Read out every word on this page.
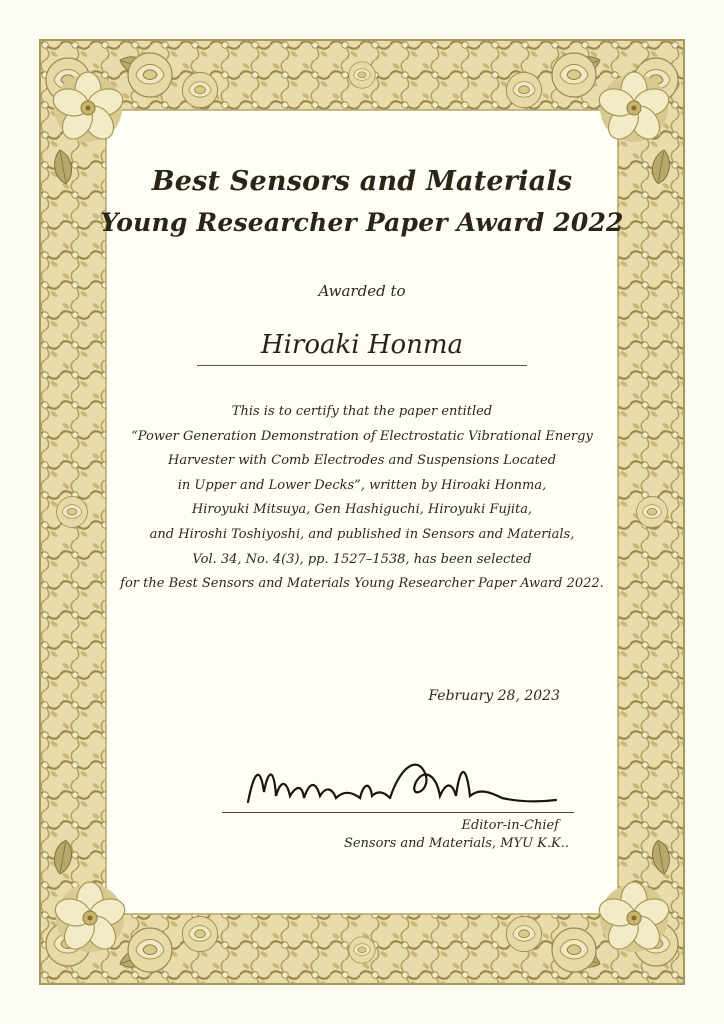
Best Sensors and Materials
Young Researcher Paper Award 2022
Awarded to
Hiroaki Honma
This is to certify that the paper entitled
“Power Generation Demonstration of Electrostatic Vibrational Energy
Harvester with Comb Electrodes and Suspensions Located
in Upper and Lower Decks”, written by Hiroaki Honma,
Hiroyuki Mitsuya, Gen Hashiguchi, Hiroyuki Fujita,
and Hiroshi Toshiyoshi, and published in Sensors and Materials,
Vol. 34, No. 4(3), pp. 1527–1538, has been selected
for the Best Sensors and Materials Young Researcher Paper Award 2022.
February 28, 2023
Editor-in-Chief
Sensors and Materials, MYU K.K..
